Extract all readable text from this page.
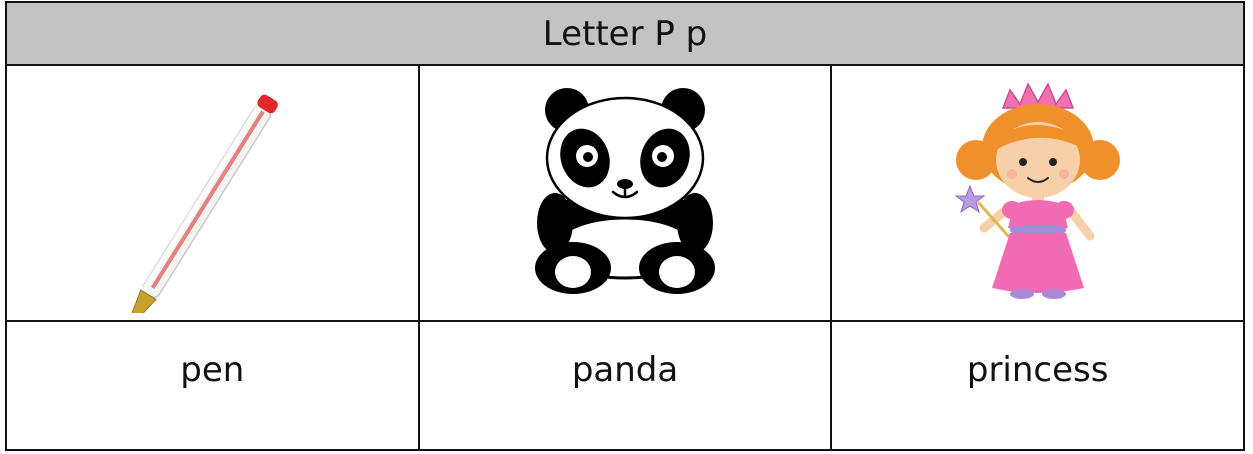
Letter P p
pen	panda	princess
